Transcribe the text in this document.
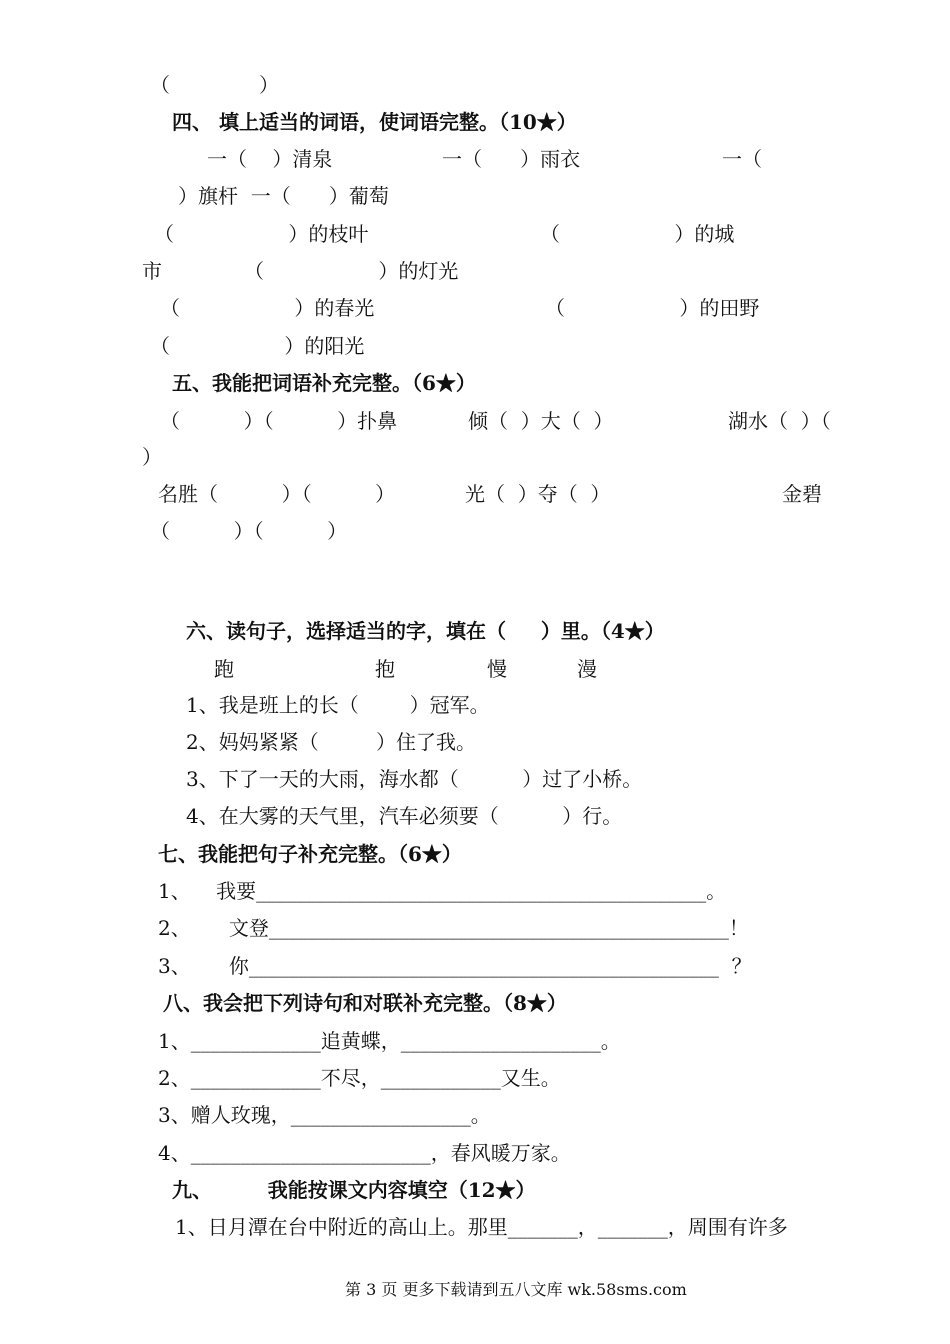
（              ）
四、 填上适当的词语，使词语完整。（10★）
一（    ）清泉	一（      ）雨衣	一（
）旗杆  一（      ）葡萄
（                  ）的枝叶	（                  ）的城
市	（                  ）的灯光
（                  ）的春光	（                  ）的田野
（                  ）的阳光
五、我能把词语补充完整。（6★）
（          ）（          ）扑鼻	倾（  ）大（  ）	湖水（  ）（
）
名胜（          ）（          ）	光（  ）夺（  ）	金碧
（          ）（          ）
六、读句子，选择适当的字，填在（     ）里。（4★）
跑	抱	慢	漫
1、我是班上的长（        ）冠军。
2、妈妈紧紧（         ）住了我。
3、下了一天的大雨，海水都（          ）过了小桥。
4、在大雾的天气里，汽车必须要（          ）行。
七、我能把句子补充完整。（6★）
1、    我要_____________________________________________。
2、      文登______________________________________________！
3、      你_______________________________________________  ？
八、我会把下列诗句和对联补充完整。（8★）
1、_____________追黄蝶，____________________。
2、_____________不尽，____________又生。
3、赠人玫瑰，__________________。
4、________________________，春风暖万家。
九、        我能按课文内容填空（12★）
1、日月潭在台中附近的高山上。那里_______，_______，周围有许多
第 3 页 更多下载请到五八文库 wk.58sms.com
